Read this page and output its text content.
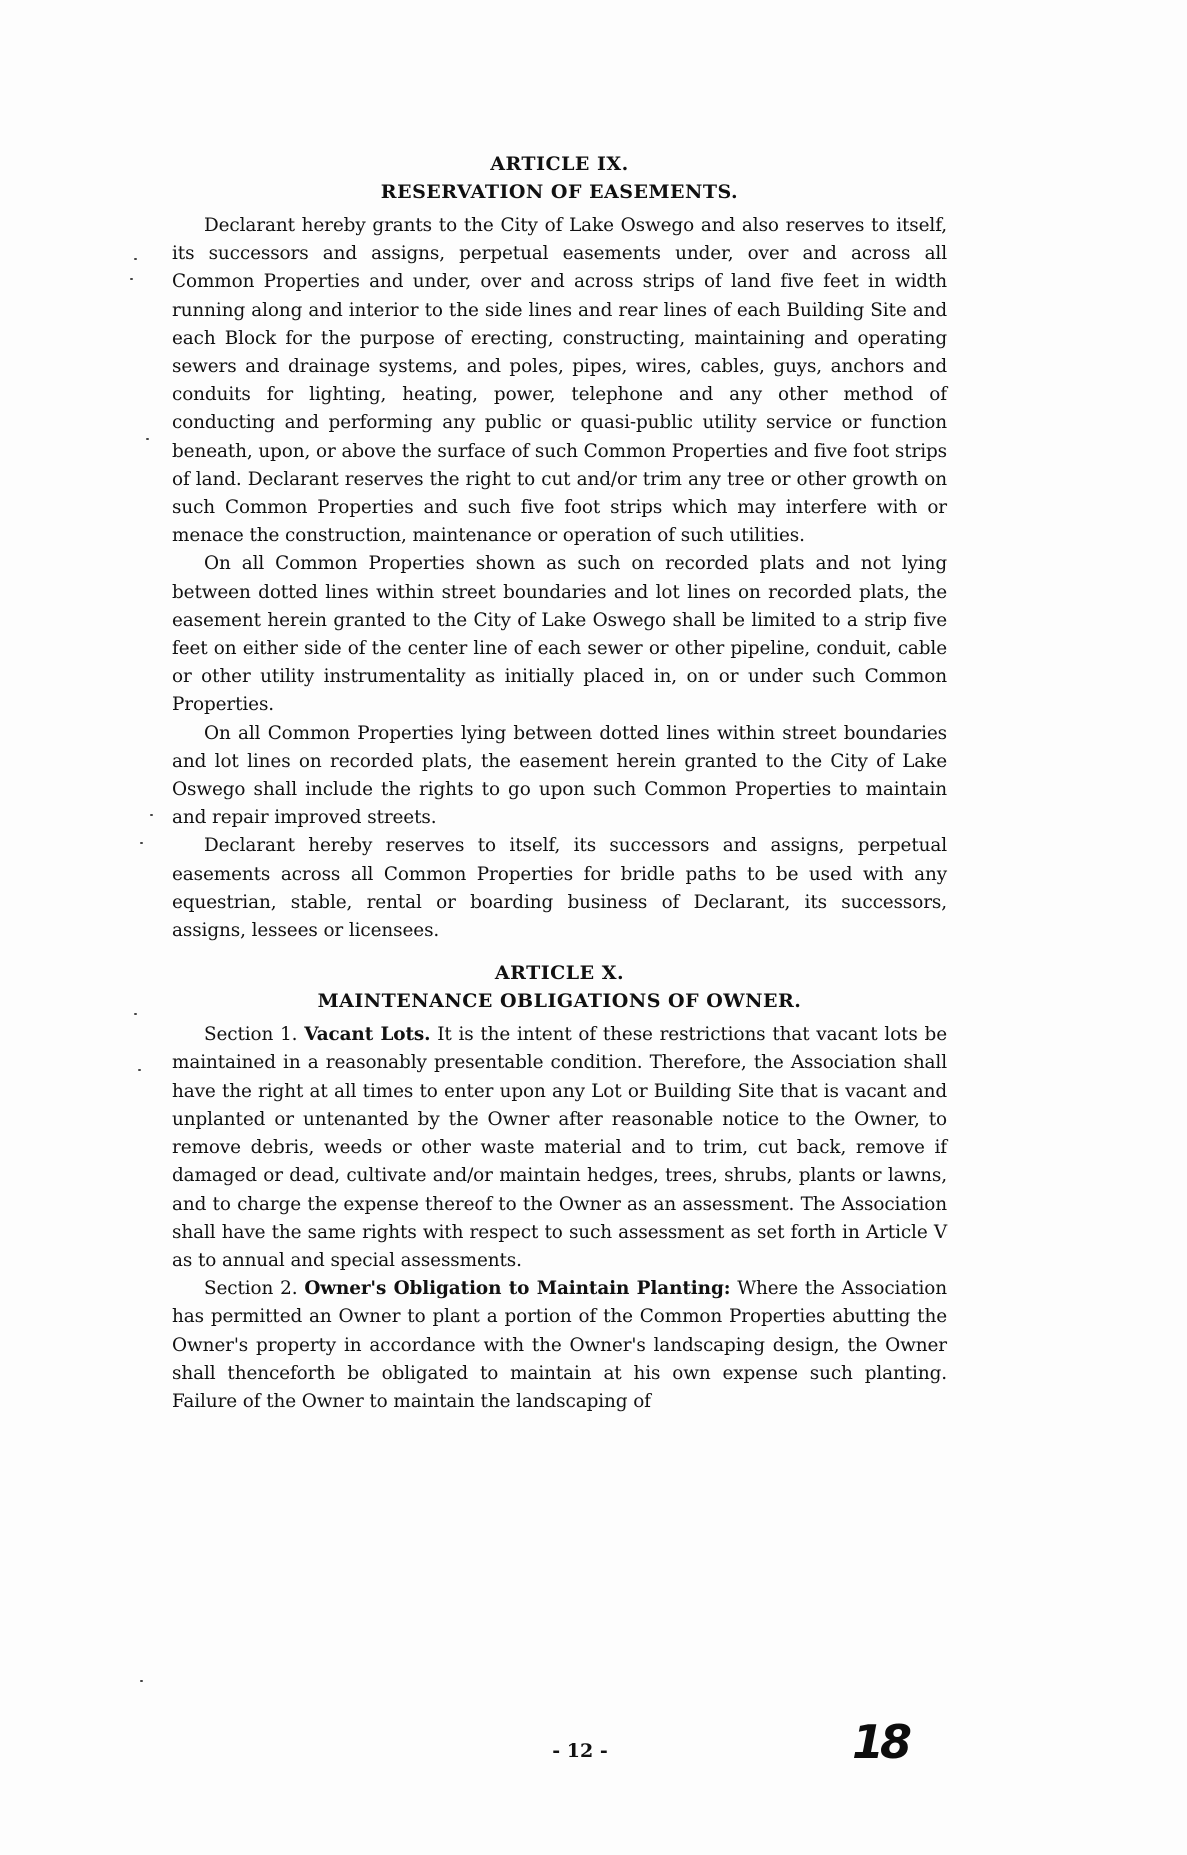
ARTICLE IX.

RESERVATION OF EASEMENTS.

Declarant hereby grants to the City of Lake Oswego and also reserves to itself, its successors and assigns, perpetual easements under, over and across all Common Properties and under, over and across strips of land five feet in width running along and interior to the side lines and rear lines of each Building Site and each Block for the purpose of erecting, constructing, maintaining and operating sewers and drainage systems, and poles, pipes, wires, cables, guys, anchors and conduits for lighting, heating, power, telephone and any other method of conducting and performing any public or quasi-public utility service or function beneath, upon, or above the surface of such Common Properties and five foot strips of land. Declarant reserves the right to cut and/or trim any tree or other growth on such Common Properties and such five foot strips which may interfere with or menace the construction, maintenance or operation of such utilities.

On all Common Properties shown as such on recorded plats and not lying between dotted lines within street boundaries and lot lines on recorded plats, the easement herein granted to the City of Lake Oswego shall be limited to a strip five feet on either side of the center line of each sewer or other pipeline, conduit, cable or other utility instrumentality as initially placed in, on or under such Common Properties.

On all Common Properties lying between dotted lines within street boundaries and lot lines on recorded plats, the easement herein granted to the City of Lake Oswego shall include the rights to go upon such Common Properties to maintain and repair improved streets.

Declarant hereby reserves to itself, its successors and assigns, perpetual easements across all Common Properties for bridle paths to be used with any equestrian, stable, rental or boarding business of Declarant, its successors, assigns, lessees or licensees.

ARTICLE X.

MAINTENANCE OBLIGATIONS OF OWNER.

Section 1. Vacant Lots. It is the intent of these restrictions that vacant lots be maintained in a reasonably presentable condition. Therefore, the Association shall have the right at all times to enter upon any Lot or Building Site that is vacant and unplanted or untenanted by the Owner after reasonable notice to the Owner, to remove debris, weeds or other waste material and to trim, cut back, remove if damaged or dead, cultivate and/or maintain hedges, trees, shrubs, plants or lawns, and to charge the expense thereof to the Owner as an assessment. The Association shall have the same rights with respect to such assessment as set forth in Article V as to annual and special assessments.

Section 2. Owner's Obligation to Maintain Planting: Where the Association has permitted an Owner to plant a portion of the Common Properties abutting the Owner's property in accordance with the Owner's landscaping design, the Owner shall thenceforth be obligated to maintain at his own expense such planting. Failure of the Owner to maintain the landscaping of

- 12 -	18
